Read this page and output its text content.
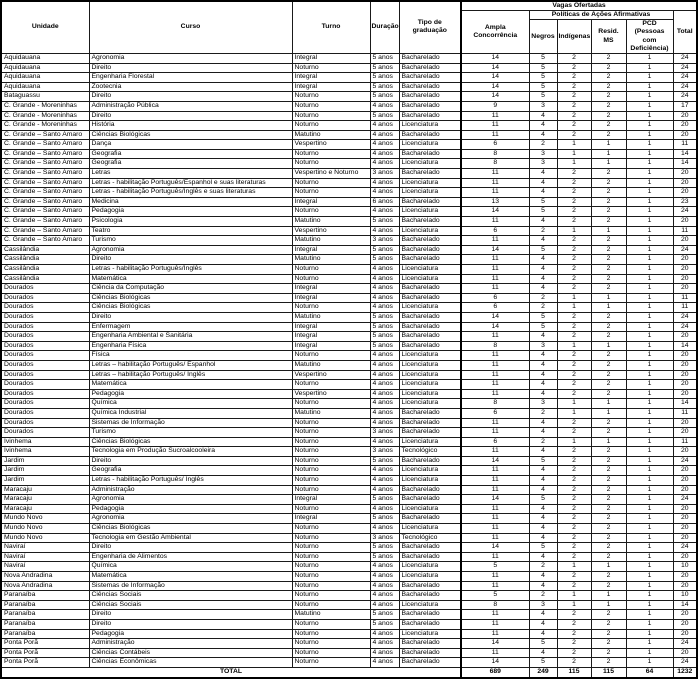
Unidade	Curso	Turno	Duração	Tipo de graduação	Vagas Ofertadas					
					Ampla Concorrência	Políticas de Ações Afirmativas				Total
						Negros	Indígenas	Resid. MS	PCD
(Pessoas com
Deficiência)	

Aquidauana	Agronomia	Integral	5 anos	Bacharelado	14	5	2	2	1	24
Aquidauana	Direito	Noturno	5 anos	Bacharelado	14	5	2	2	1	24
Aquidauana	Engenharia Florestal	Integral	5 anos	Bacharelado	14	5	2	2	1	24
Aquidauana	Zootecnia	Integral	5 anos	Bacharelado	14	5	2	2	1	24
Bataguassu	Direito	Noturno	5 anos	Bacharelado	14	5	2	2	1	24
C. Grande - Moreninhas	Administração Pública	Noturno	4 anos	Bacharelado	9	3	2	2	1	17
C. Grande - Moreninhas	Direito	Noturno	5 anos	Bacharelado	11	4	2	2	1	20
C. Grande - Moreninhas	História	Noturno	4 anos	Licenciatura	11	4	2	2	1	20
C. Grande – Santo Amaro	Ciências Biológicas	Matutino	4 anos	Bacharelado	11	4	2	2	1	20
C. Grande – Santo Amaro	Dança	Vespertino	4 anos	Licenciatura	6	2	1	1	1	11
C. Grande – Santo Amaro	Geografia	Noturno	4 anos	Bacharelado	8	3	1	1	1	14
C. Grande – Santo Amaro	Geografia	Noturno	4 anos	Licenciatura	8	3	1	1	1	14
C. Grande – Santo Amaro	Letras	Vespertino e Noturno	3 anos	Bacharelado	11	4	2	2	1	20
C. Grande – Santo Amaro	Letras - habilitação Português/Espanhol e suas literaturas	Noturno	4 anos	Licenciatura	11	4	2	2	1	20
C. Grande – Santo Amaro	Letras - habilitação Português/Inglês e suas literaturas	Noturno	4 anos	Licenciatura	11	4	2	2	1	20
C. Grande – Santo Amaro	Medicina	Integral	6 anos	Bacharelado	13	5	2	2	1	23
C. Grande – Santo Amaro	Pedagogia	Noturno	4 anos	Licenciatura	14	5	2	2	1	24
C. Grande – Santo Amaro	Psicologia	Matutino	5 anos	Bacharelado	11	4	2	2	1	20
C. Grande – Santo Amaro	Teatro	Vespertino	4 anos	Licenciatura	6	2	1	1	1	11
C. Grande – Santo Amaro	Turismo	Matutino	3 anos	Bacharelado	11	4	2	2	1	20
Cassilândia	Agronomia	Integral	5 anos	Bacharelado	14	5	2	2	1	24
Cassilândia	Direito	Matutino	5 anos	Bacharelado	11	4	2	2	1	20
Cassilândia	Letras - habilitação Português/Inglês	Noturno	4 anos	Licenciatura	11	4	2	2	1	20
Cassilândia	Matemática	Noturno	4 anos	Licenciatura	11	4	2	2	1	20
Dourados	Ciência da Computação	Integral	4 anos	Bacharelado	11	4	2	2	1	20
Dourados	Ciências Biológicas	Integral	4 anos	Bacharelado	6	2	1	1	1	11
Dourados	Ciências Biológicas	Noturno	4 anos	Licenciatura	6	2	1	1	1	11
Dourados	Direito	Matutino	5 anos	Bacharelado	14	5	2	2	1	24
Dourados	Enfermagem	Integral	5 anos	Bacharelado	14	5	2	2	1	24
Dourados	Engenharia Ambiental e Sanitária	Integral	5 anos	Bacharelado	11	4	2	2	1	20
Dourados	Engenharia Física	Integral	5 anos	Bacharelado	8	3	1	1	1	14
Dourados	Física	Noturno	4 anos	Licenciatura	11	4	2	2	1	20
Dourados	Letras – habilitação Português/ Espanhol	Matutino	4 anos	Licenciatura	11	4	2	2	1	20
Dourados	Letras – habilitação Português/ Inglês	Vespertino	4 anos	Licenciatura	11	4	2	2	1	20
Dourados	Matemática	Noturno	4 anos	Licenciatura	11	4	2	2	1	20
Dourados	Pedagogia	Vespertino	4 anos	Licenciatura	11	4	2	2	1	20
Dourados	Química	Noturno	4 anos	Licenciatura	8	3	1	1	1	14
Dourados	Química Industrial	Matutino	4 anos	Bacharelado	6	2	1	1	1	11
Dourados	Sistemas de Informação	Noturno	4 anos	Bacharelado	11	4	2	2	1	20
Dourados	Turismo	Noturno	3 anos	Bacharelado	11	4	2	2	1	20
Ivinhema	Ciências Biológicas	Noturno	4 anos	Licenciatura	6	2	1	1	1	11
Ivinhema	Tecnologia em Produção Sucroalcooleira	Noturno	3 anos	Tecnológico	11	4	2	2	1	20
Jardim	Direito	Noturno	5 anos	Bacharelado	14	5	2	2	1	24
Jardim	Geografia	Noturno	4 anos	Licenciatura	11	4	2	2	1	20
Jardim	Letras - habilitação Português/ Inglês	Noturno	4 anos	Licenciatura	11	4	2	2	1	20
Maracaju	Administração	Noturno	4 anos	Bacharelado	11	4	2	2	1	20
Maracaju	Agronomia	Integral	5 anos	Bacharelado	14	5	2	2	1	24
Maracaju	Pedagogia	Noturno	4 anos	Licenciatura	11	4	2	2	1	20
Mundo Novo	Agronomia	Integral	5 anos	Bacharelado	11	4	2	2	1	20
Mundo Novo	Ciências Biológicas	Noturno	4 anos	Licenciatura	11	4	2	2	1	20
Mundo Novo	Tecnologia em Gestão Ambiental	Noturno	3 anos	Tecnológico	11	4	2	2	1	20
Naviraí	Direito	Noturno	5 anos	Bacharelado	14	5	2	2	1	24
Naviraí	Engenharia de Alimentos	Noturno	5 anos	Bacharelado	11	4	2	2	1	20
Naviraí	Química	Noturno	4 anos	Licenciatura	5	2	1	1	1	10
Nova Andradina	Matemática	Noturno	4 anos	Licenciatura	11	4	2	2	1	20
Nova Andradina	Sistemas de Informação	Noturno	4 anos	Bacharelado	11	4	2	2	1	20
Paranaíba	Ciências Sociais	Noturno	4 anos	Bacharelado	5	2	1	1	1	10
Paranaíba	Ciências Sociais	Noturno	4 anos	Licenciatura	8	3	1	1	1	14
Paranaíba	Direito	Matutino	5 anos	Bacharelado	11	4	2	2	1	20
Paranaíba	Direito	Noturno	5 anos	Bacharelado	11	4	2	2	1	20
Paranaíba	Pedagogia	Noturno	4 anos	Licenciatura	11	4	2	2	1	20
Ponta Porã	Administração	Noturno	4 anos	Bacharelado	14	5	2	2	1	24
Ponta Porã	Ciências Contábeis	Noturno	4 anos	Bacharelado	11	4	2	2	1	20
Ponta Porã	Ciências Econômicas	Noturno	4 anos	Bacharelado	14	5	2	2	1	24
TOTAL					689	249	115	115	64	1232
